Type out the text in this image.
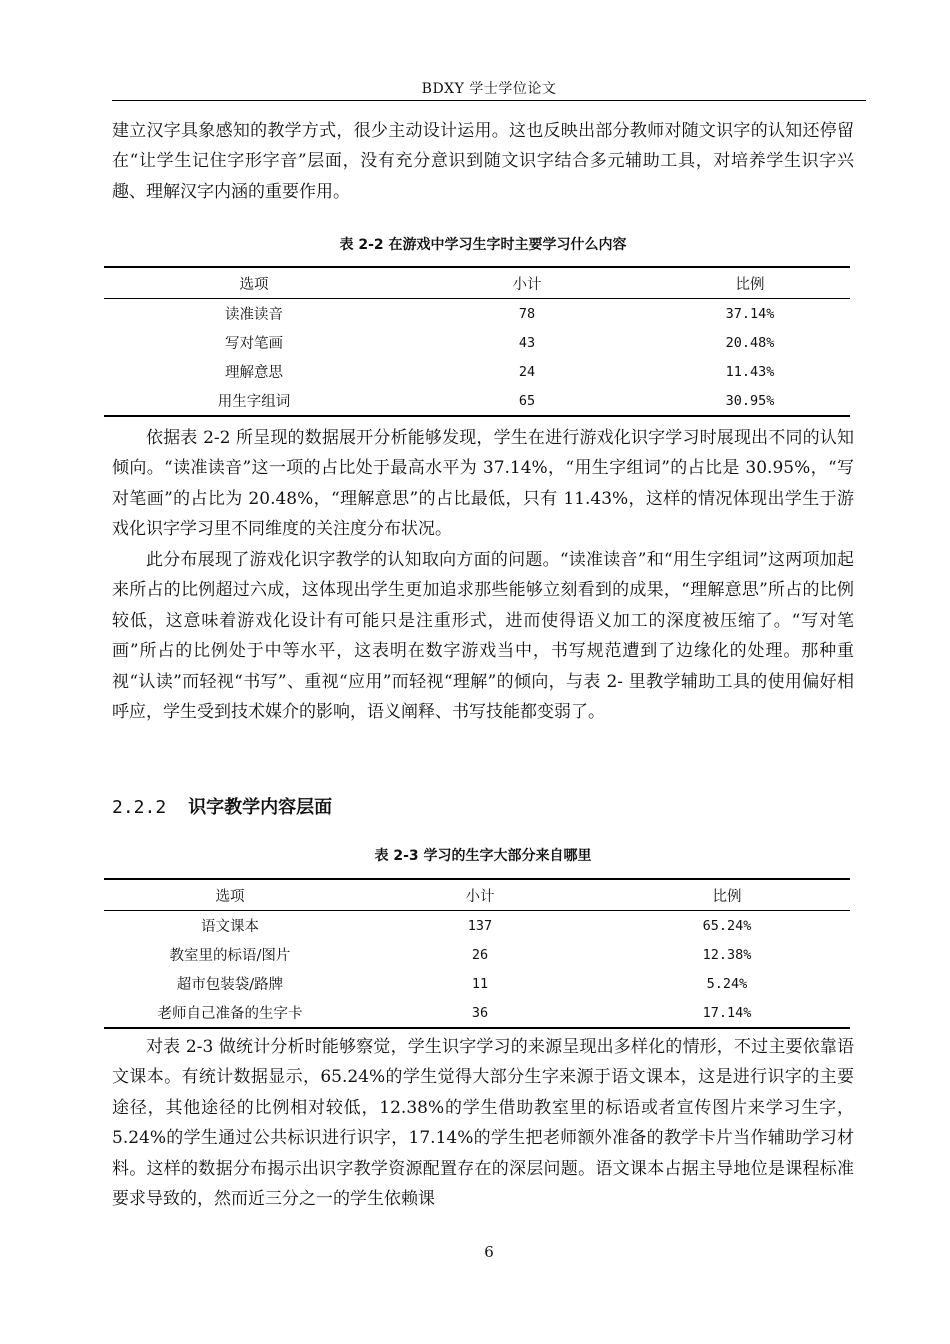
BDXY 学士学位论文

建立汉字具象感知的教学方式，很少主动设计运用。这也反映出部分教师对随文识字的认知还停留在“让学生记住字形字音”层面，没有充分意识到随文识字结合多元辅助工具，对培养学生识字兴趣、理解汉字内涵的重要作用。

表 2-2 在游戏中学习生字时主要学习什么内容
选项	小计	比例
读准读音	78	37.14%
写对笔画	43	20.48%
理解意思	24	11.43%
用生字组词	65	30.95%

依据表 2-2 所呈现的数据展开分析能够发现，学生在进行游戏化识字学习时展现出不同的认知倾向。“读准读音”这一项的占比处于最高水平为 37.14%，“用生字组词”的占比是 30.95%，“写对笔画”的占比为 20.48%，“理解意思”的占比最低，只有 11.43%，这样的情况体现出学生于游戏化识字学习里不同维度的关注度分布状况。

此分布展现了游戏化识字教学的认知取向方面的问题。“读准读音”和“用生字组词”这两项加起来所占的比例超过六成，这体现出学生更加追求那些能够立刻看到的成果，“理解意思”所占的比例较低，这意味着游戏化设计有可能只是注重形式，进而使得语义加工的深度被压缩了。“写对笔画”所占的比例处于中等水平，这表明在数字游戏当中，书写规范遭到了边缘化的处理。那种重视“认读”而轻视“书写”、重视“应用”而轻视“理解”的倾向，与表 2- 里教学辅助工具的使用偏好相呼应，学生受到技术媒介的影响，语义阐释、书写技能都变弱了。

2.2.2 识字教学内容层面
表 2-3 学习的生字大部分来自哪里
选项	小计	比例
语文课本	137	65.24%
教室里的标语/图片	26	12.38%
超市包装袋/路牌	11	5.24%
老师自己准备的生字卡	36	17.14%

对表 2-3 做统计分析时能够察觉，学生识字学习的来源呈现出多样化的情形，不过主要依靠语文课本。有统计数据显示，65.24%的学生觉得大部分生字来源于语文课本，这是进行识字的主要途径，其他途径的比例相对较低，12.38%的学生借助教室里的标语或者宣传图片来学习生字，5.24%的学生通过公共标识进行识字，17.14%的学生把老师额外准备的教学卡片当作辅助学习材料。这样的数据分布揭示出识字教学资源配置存在的深层问题。语文课本占据主导地位是课程标准要求导致的，然而近三分之一的学生依赖课

6
